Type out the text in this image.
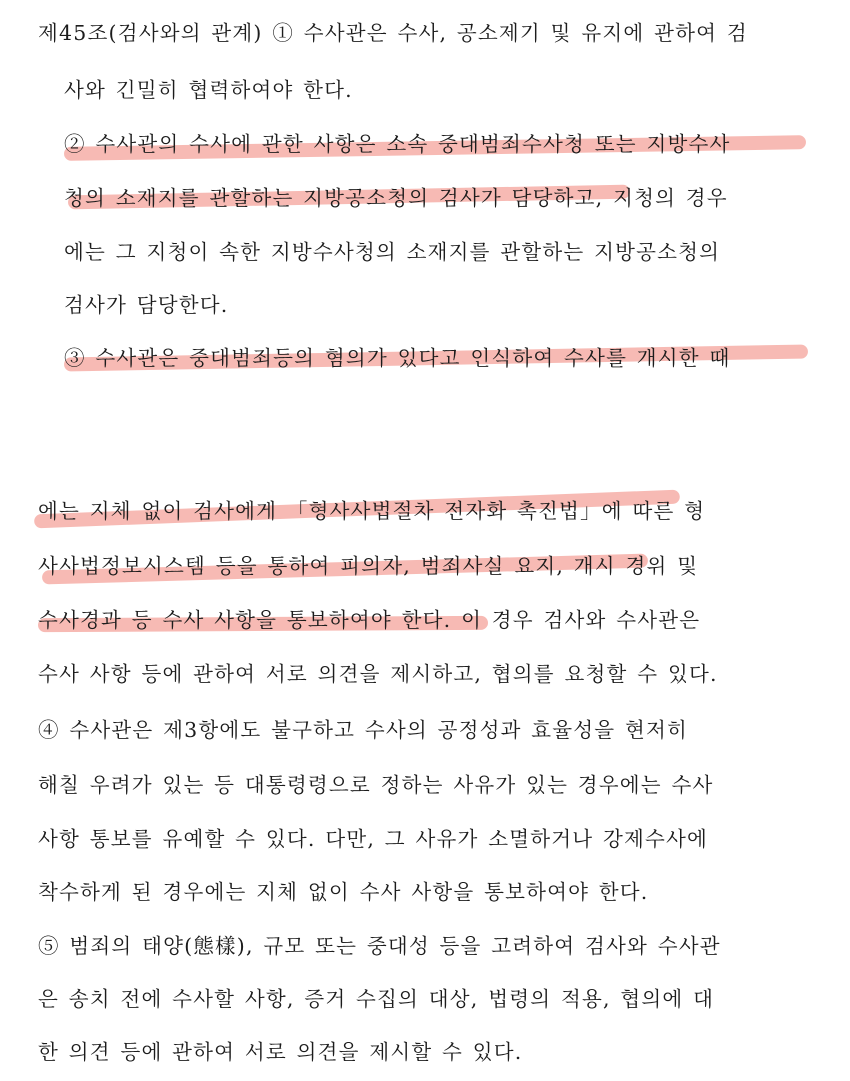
제45조(검사와의 관계) ① 수사관은 수사, 공소제기 및 유지에 관하여 검
사와 긴밀히 협력하여야 한다.
② 수사관의 수사에 관한 사항은 소속 중대범죄수사청 또는 지방수사
청의 소재지를 관할하는 지방공소청의 검사가 담당하고, 지청의 경우
에는 그 지청이 속한 지방수사청의 소재지를 관할하는 지방공소청의
검사가 담당한다.
③ 수사관은 중대범죄등의 혐의가 있다고 인식하여 수사를 개시한 때
에는 지체 없이 검사에게 「형사사법절차 전자화 촉진법」에 따른 형
사사법정보시스템 등을 통하여 피의자, 범죄사실 요지, 개시 경위 및
수사경과 등 수사 사항을 통보하여야 한다. 이 경우 검사와 수사관은
수사 사항 등에 관하여 서로 의견을 제시하고, 협의를 요청할 수 있다.
④ 수사관은 제3항에도 불구하고 수사의 공정성과 효율성을 현저히
해칠 우려가 있는 등 대통령령으로 정하는 사유가 있는 경우에는 수사
사항 통보를 유예할 수 있다. 다만, 그 사유가 소멸하거나 강제수사에
착수하게 된 경우에는 지체 없이 수사 사항을 통보하여야 한다.
⑤ 범죄의 태양(態樣), 규모 또는 중대성 등을 고려하여 검사와 수사관
은 송치 전에 수사할 사항, 증거 수집의 대상, 법령의 적용, 협의에 대
한 의견 등에 관하여 서로 의견을 제시할 수 있다.
